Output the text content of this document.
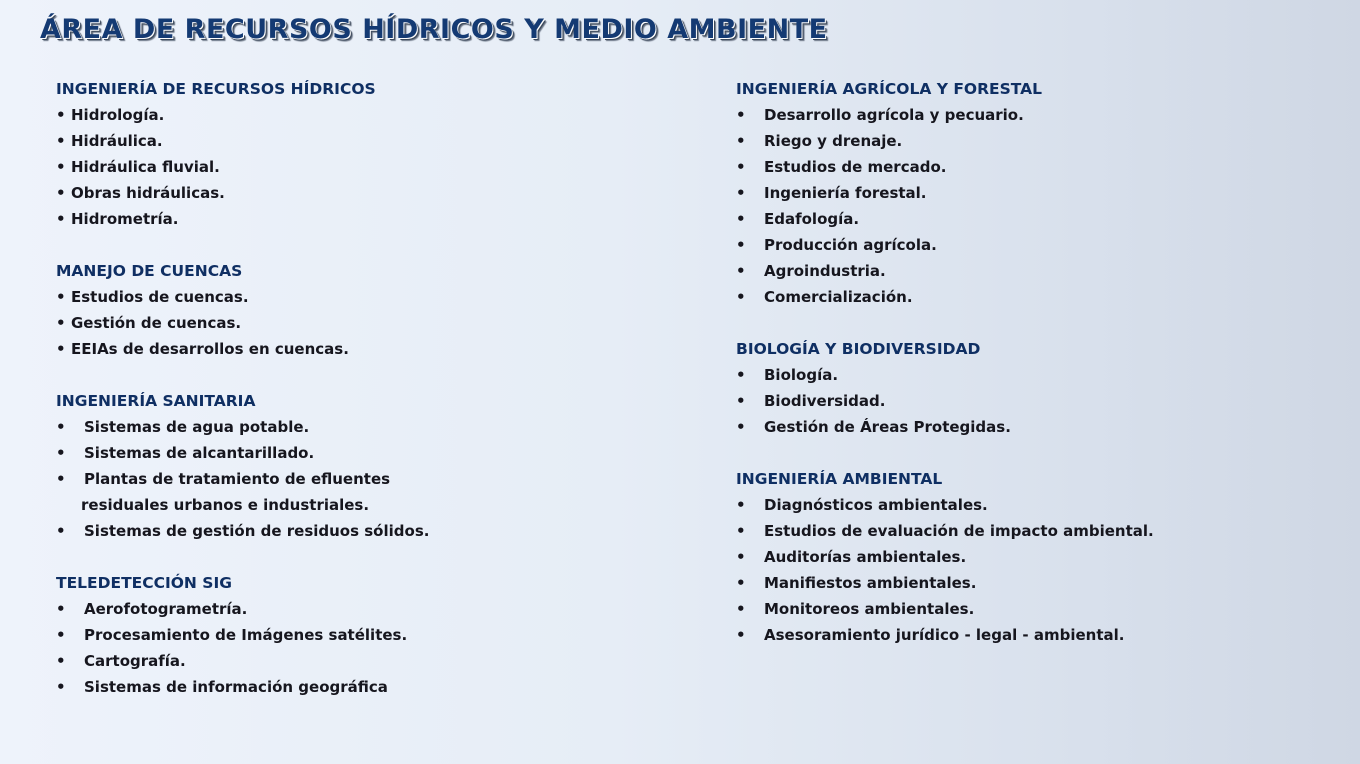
ÁREA DE RECURSOS HÍDRICOS Y MEDIO AMBIENTE
INGENIERÍA DE RECURSOS HÍDRICOS
• Hidrología.
• Hidráulica.
• Hidráulica fluvial.
• Obras hidráulicas.
• Hidrometría.
MANEJO DE CUENCAS
• Estudios de cuencas.
• Gestión de cuencas.
• EEIAs de desarrollos en cuencas.
INGENIERÍA SANITARIA
• Sistemas de agua potable.
• Sistemas de alcantarillado.
• Plantas de tratamiento de efluentes
residuales urbanos e industriales.
• Sistemas de gestión de residuos sólidos.
TELEDETECCIÓN SIG
• Aerofotogrametría.
• Procesamiento de Imágenes satélites.
• Cartografía.
• Sistemas de información geográfica
INGENIERÍA AGRÍCOLA Y FORESTAL
• Desarrollo agrícola y pecuario.
• Riego y drenaje.
• Estudios de mercado.
• Ingeniería forestal.
• Edafología.
• Producción agrícola.
• Agroindustria.
• Comercialización.
BIOLOGÍA Y BIODIVERSIDAD
• Biología.
• Biodiversidad.
• Gestión de Áreas Protegidas.
INGENIERÍA AMBIENTAL
• Diagnósticos ambientales.
• Estudios de evaluación de impacto ambiental.
• Auditorías ambientales.
• Manifiestos ambientales.
• Monitoreos ambientales.
• Asesoramiento jurídico - legal - ambiental.
